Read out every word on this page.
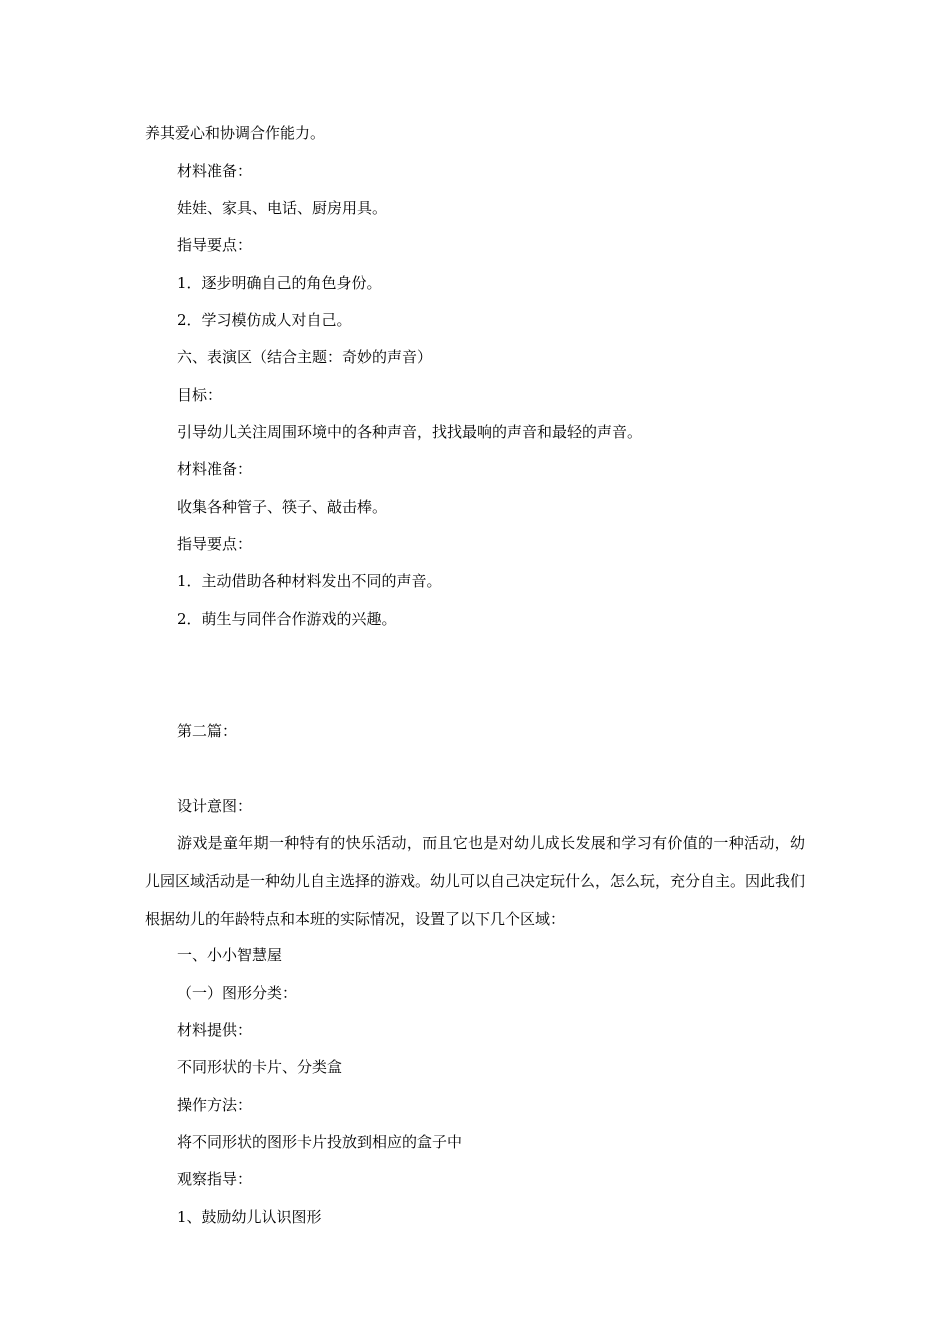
养其爱心和协调合作能力。
材料准备：
娃娃、家具、电话、厨房用具。
指导要点：
1．逐步明确自己的角色身份。
2．学习模仿成人对自己。
六、表演区（结合主题：奇妙的声音）
目标：
引导幼儿关注周围环境中的各种声音，找找最响的声音和最轻的声音。
材料准备：
收集各种管子、筷子、敲击棒。
指导要点：
1．主动借助各种材料发出不同的声音。
2．萌生与同伴合作游戏的兴趣。
第二篇：
设计意图：
游戏是童年期一种特有的快乐活动，而且它也是对幼儿成长发展和学习有价值的一种活动，幼儿园区域活动是一种幼儿自主选择的游戏。幼儿可以自己决定玩什么，怎么玩，充分自主。因此我们根据幼儿的年龄特点和本班的实际情况，设置了以下几个区域：
一、小小智慧屋
（一）图形分类：
材料提供：
不同形状的卡片、分类盒
操作方法：
将不同形状的图形卡片投放到相应的盒子中
观察指导：
1、鼓励幼儿认识图形
